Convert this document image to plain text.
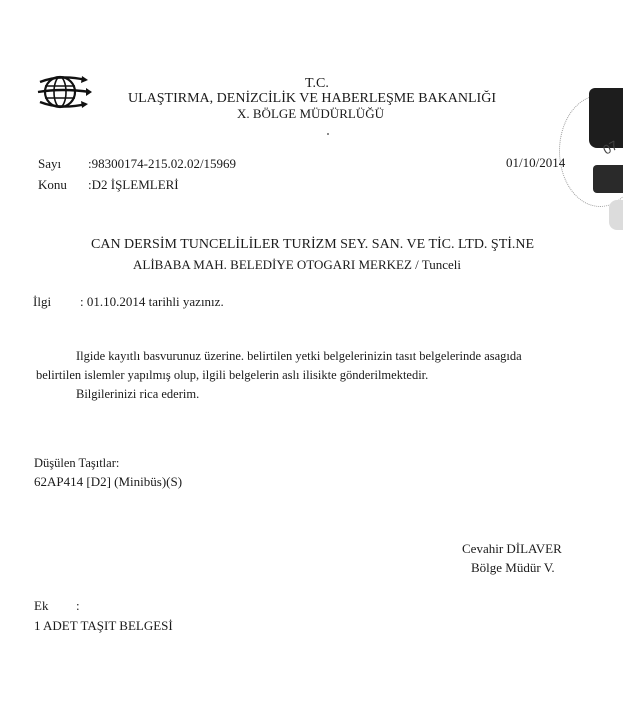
T.C.
ULAŞTIRMA, DENİZCİLİK VE HABERLEŞME BAKANLIĞI
X. BÖLGE MÜDÜRLÜĞÜ
07
Sayı :98300174-215.02.02/15969	01/10/2014
Konu :D2 İŞLEMLERİ
CAN DERSİM TUNCELİLİLER TURİZM SEY. SAN. VE TİC. LTD. ŞTİ.NE
ALİBABA MAH. BELEDİYE OTOGARI MERKEZ / Tunceli
İlgi : 01.10.2014 tarihli yazınız.
Ilgide kayıtlı basvurunuz üzerine. belirtilen yetki belgelerinizin tasıt belgelerinde asagıda
belirtilen islemler yapılmış olup, ilgili belgelerin aslı ilisikte gönderilmektedir.
Bilgilerinizi rica ederim.
Düşülen Taşıtlar:
62AP414 [D2] (Minibüs)(S)
Cevahir DİLAVER
Bölge Müdür V.
Ek :
1 ADET TAŞIT BELGESİ
